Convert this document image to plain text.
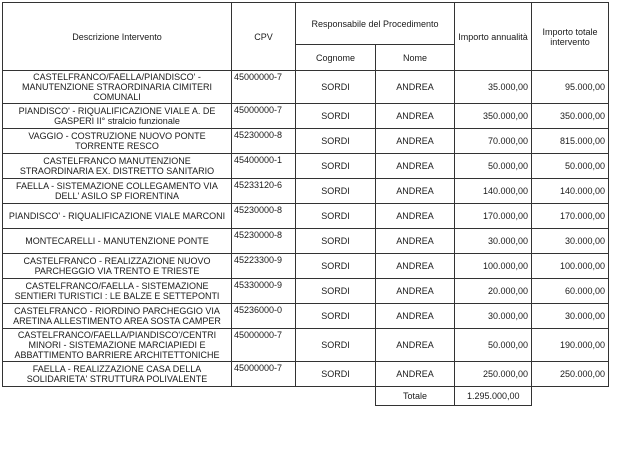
Descrizione Intervento	CPV	Responsabile del Procedimento		Importo annualità	Importo totale intervento
		Cognome	Nome		
CASTELFRANCO/FAELLA/PIANDISCO' - MANUTENZIONE STRAORDINARIA CIMITERI COMUNALI	45000000-7	SORDI	ANDREA	35.000,00	95.000,00
PIANDISCO' - RIQUALIFICAZIONE VIALE A. DE GASPERI II° stralcio funzionale	45000000-7	SORDI	ANDREA	350.000,00	350.000,00
VAGGIO - COSTRUZIONE NUOVO PONTE TORRENTE RESCO	45230000-8	SORDI	ANDREA	70.000,00	815.000,00
CASTELFRANCO MANUTENZIONE STRAORDINARIA EX. DISTRETTO SANITARIO	45400000-1	SORDI	ANDREA	50.000,00	50.000,00
FAELLA - SISTEMAZIONE COLLEGAMENTO VIA DELL' ASILO SP FIORENTINA	45233120-6	SORDI	ANDREA	140.000,00	140.000,00
PIANDISCO' - RIQUALIFICAZIONE VIALE MARCONI	45230000-8	SORDI	ANDREA	170.000,00	170.000,00
MONTECARELLI - MANUTENZIONE PONTE	45230000-8	SORDI	ANDREA	30.000,00	30.000,00
CASTELFRANCO - REALIZZAZIONE NUOVO PARCHEGGIO VIA TRENTO E TRIESTE	45223300-9	SORDI	ANDREA	100.000,00	100.000,00
CASTELFRANCO/FAELLA - SISTEMAZIONE SENTIERI TURISTICI : LE BALZE E SETTEPONTI	45330000-9	SORDI	ANDREA	20.000,00	60.000,00
CASTELFRANCO - RIORDINO PARCHEGGIO VIA ARETINA ALLESTIMENTO AREA SOSTA CAMPER	45236000-0	SORDI	ANDREA	30.000,00	30.000,00
CASTELFRANCO/FAELLA/PIANDISCO'/CENTRI MINORI - SISTEMAZIONE MARCIAPIEDI E ABBATTIMENTO BARRIERE ARCHITETTONICHE	45000000-7	SORDI	ANDREA	50.000,00	190.000,00
FAELLA - REALIZZAZIONE CASA DELLA SOLIDARIETA' STRUTTURA POLIVALENTE	45000000-7	SORDI	ANDREA	250.000,00	250.000,00
			Totale	1.295.000,00	
